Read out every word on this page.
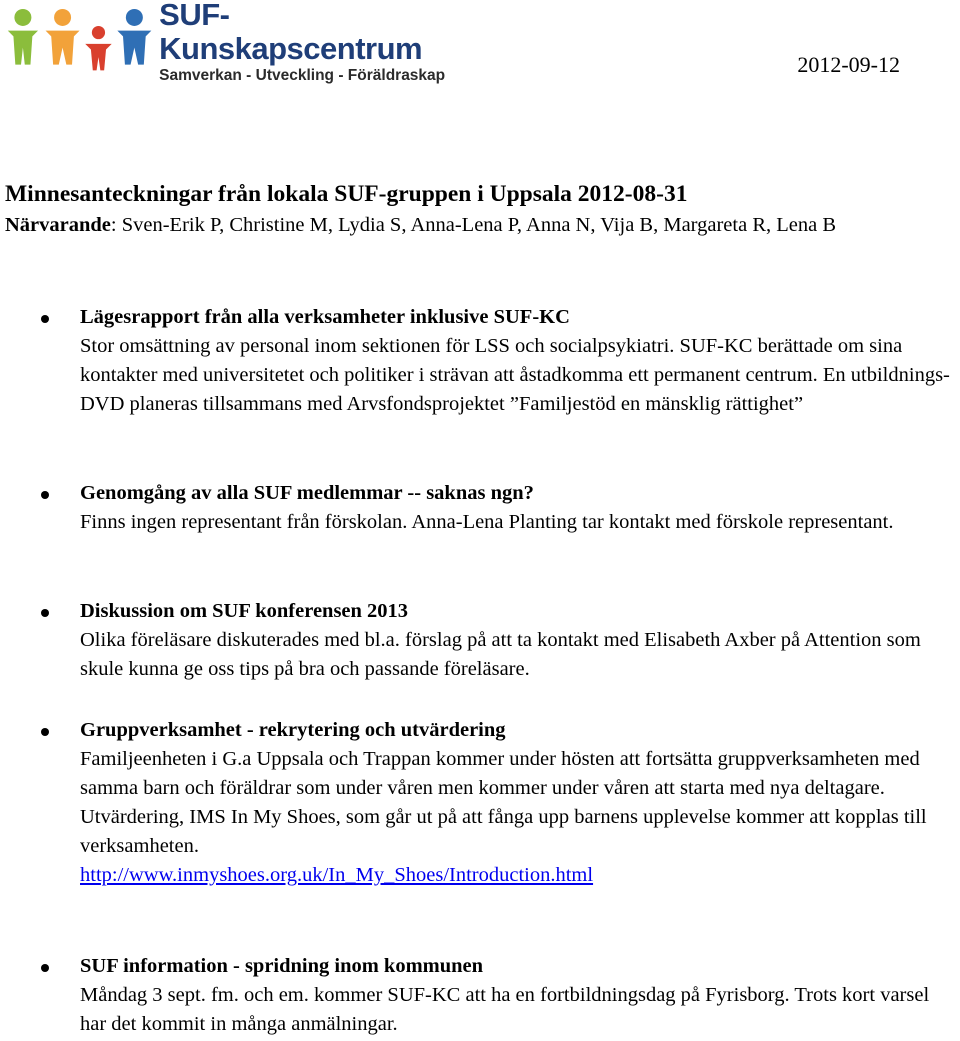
SUF-Kunskapscentrum
Samverkan - Utveckling - Föräldraskap	2012-09-12
Minnesanteckningar från lokala SUF-gruppen i Uppsala 2012-08-31
Närvarande: Sven-Erik P, Christine M, Lydia S, Anna-Lena P, Anna N, Vija B, Margareta R, Lena B
Lägesrapport från alla verksamheter inklusive SUF-KC

Stor omsättning av personal inom sektionen för LSS och socialpsykiatri. SUF-KC berättade om sina kontakter med universitetet och politiker i strävan att åstadkomma ett permanent centrum. En utbildnings-DVD planeras tillsammans med Arvsfondsprojektet ”Familjestöd en mänsklig rättighet”

Genomgång av alla SUF medlemmar -- saknas ngn?

Finns ingen representant från förskolan. Anna-Lena Planting tar kontakt med förskole representant.

Diskussion om SUF konferensen 2013

Olika föreläsare diskuterades med bl.a. förslag på att ta kontakt med Elisabeth Axber på Attention som skule kunna ge oss tips på bra och passande föreläsare.

Gruppverksamhet - rekrytering och utvärdering

Familjeenheten i G.a Uppsala och Trappan kommer under hösten att fortsätta gruppverksamheten med samma barn och föräldrar som under våren men kommer under våren att starta med nya deltagare.

Utvärdering, IMS In My Shoes, som går ut på att fånga upp barnens upplevelse kommer att kopplas till verksamheten.

http://www.inmyshoes.org.uk/In_My_Shoes/Introduction.html

SUF information - spridning inom kommunen

Måndag 3 sept. fm. och em. kommer SUF-KC att ha en fortbildningsdag på Fyrisborg. Trots kort varsel har det kommit in många anmälningar.
